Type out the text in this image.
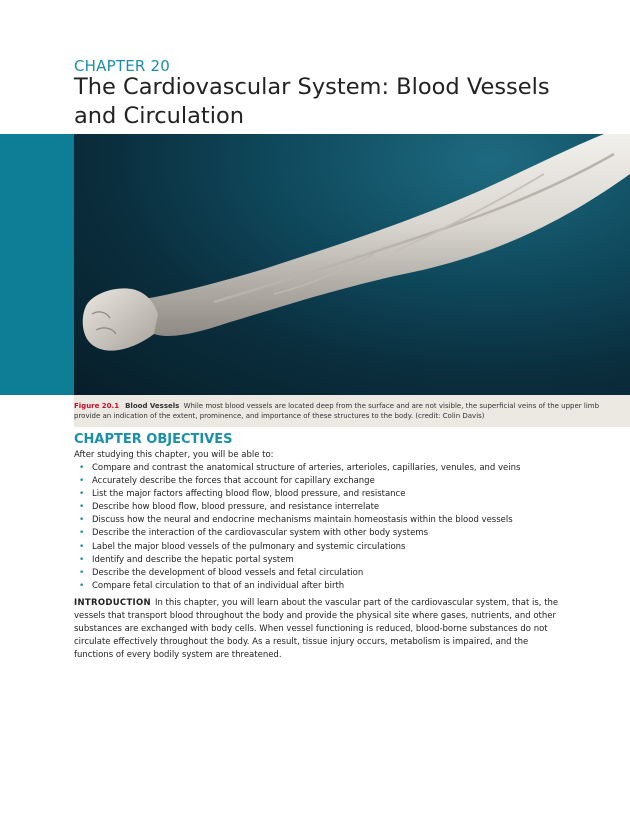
CHAPTER 20
The Cardiovascular System: Blood Vessels and Circulation
Figure 20.1 Blood Vessels While most blood vessels are located deep from the surface and are not visible, the superficial veins of the upper limb provide an indication of the extent, prominence, and importance of these structures to the body. (credit: Colin Davis)
CHAPTER OBJECTIVES
After studying this chapter, you will be able to:
• Compare and contrast the anatomical structure of arteries, arterioles, capillaries, venules, and veins
• Accurately describe the forces that account for capillary exchange
• List the major factors affecting blood flow, blood pressure, and resistance
• Describe how blood flow, blood pressure, and resistance interrelate
• Discuss how the neural and endocrine mechanisms maintain homeostasis within the blood vessels
• Describe the interaction of the cardiovascular system with other body systems
• Label the major blood vessels of the pulmonary and systemic circulations
• Identify and describe the hepatic portal system
• Describe the development of blood vessels and fetal circulation
• Compare fetal circulation to that of an individual after birth

INTRODUCTION In this chapter, you will learn about the vascular part of the cardiovascular system, that is, the vessels that transport blood throughout the body and provide the physical site where gases, nutrients, and other substances are exchanged with body cells. When vessel functioning is reduced, blood-borne substances do not circulate effectively throughout the body. As a result, tissue injury occurs, metabolism is impaired, and the functions of every bodily system are threatened.
